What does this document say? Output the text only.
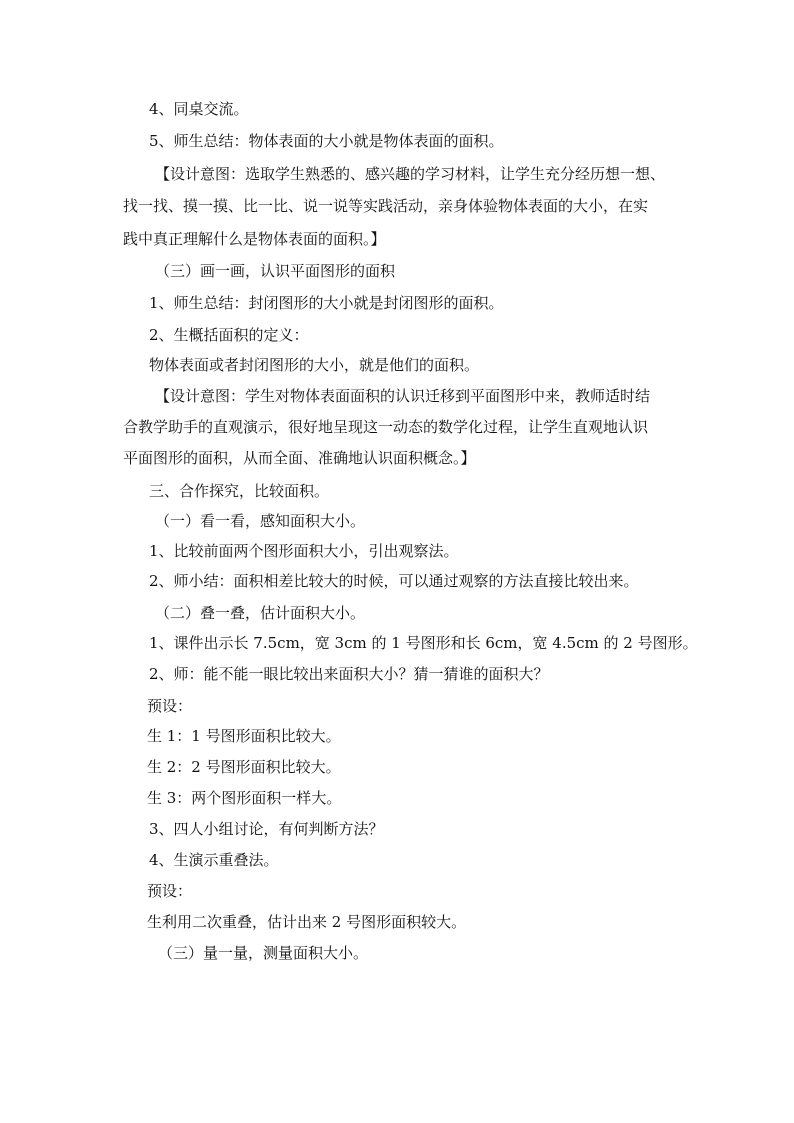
4、同桌交流。
5、师生总结：物体表面的大小就是物体表面的面积。
【设计意图：选取学生熟悉的、感兴趣的学习材料，让学生充分经历想一想、
找一找、摸一摸、比一比、说一说等实践活动，亲身体验物体表面的大小，在实
践中真正理解什么是物体表面的面积。】
（三）画一画，认识平面图形的面积
1、师生总结：封闭图形的大小就是封闭图形的面积。
2、生概括面积的定义：
物体表面或者封闭图形的大小，就是他们的面积。
【设计意图：学生对物体表面面积的认识迁移到平面图形中来，教师适时结
合教学助手的直观演示，很好地呈现这一动态的数学化过程，让学生直观地认识
平面图形的面积，从而全面、准确地认识面积概念。】
三、合作探究，比较面积。
（一）看一看，感知面积大小。
1、比较前面两个图形面积大小，引出观察法。
2、师小结：面积相差比较大的时候，可以通过观察的方法直接比较出来。
（二）叠一叠，估计面积大小。
1、课件出示长 7.5cm，宽 3cm 的 1 号图形和长 6cm，宽 4.5cm 的 2 号图形。
2、师：能不能一眼比较出来面积大小？猜一猜谁的面积大？
预设：
生 1：1 号图形面积比较大。
生 2：2 号图形面积比较大。
生 3：两个图形面积一样大。
3、四人小组讨论，有何判断方法？
4、生演示重叠法。
预设：
生利用二次重叠，估计出来 2 号图形面积较大。
（三）量一量，测量面积大小。
